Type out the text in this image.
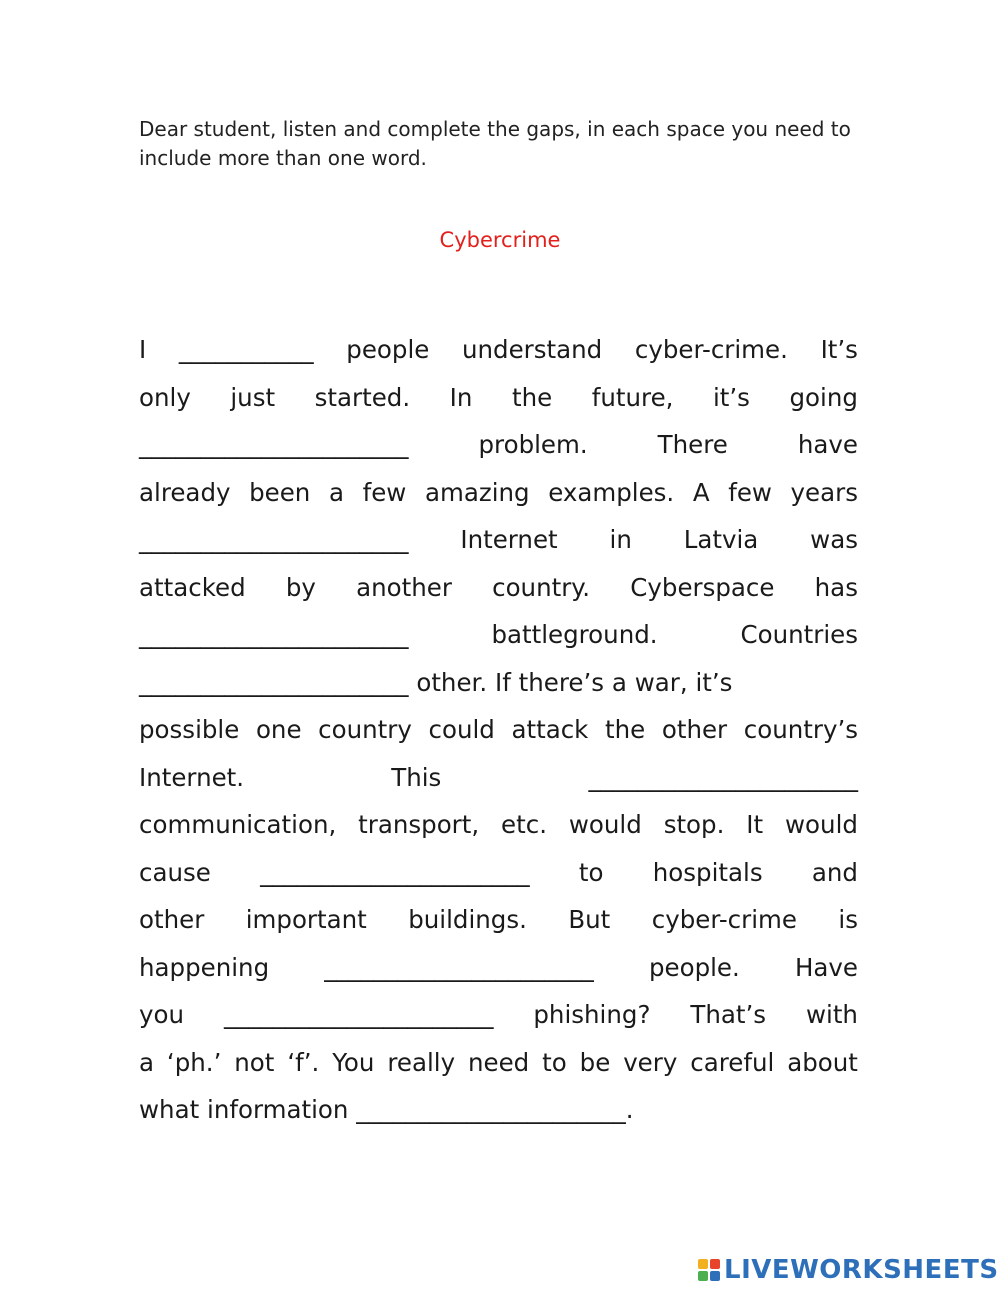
Dear student, listen and complete the gaps, in each space you need to include more than one word.
Cybercrime
I ___________ people understand cyber-crime. It’s
only just started. In the future, it’s going
______________________	problem.	There	have
already been a few amazing examples. A few years
______________________ Internet in Latvia was
attacked by another country. Cyberspace has
______________________	battleground.	Countries
______________________ other. If there’s a war, it’s
possible one country could attack the other country’s
Internet.	This	______________________
communication, transport, etc. would stop. It would
cause ______________________ to hospitals and
other important buildings. But cyber-crime is
happening ______________________ people. Have
you ______________________ phishing? That’s with
a ‘ph.’ not ‘f’. You really need to be very careful about
what information ______________________.
LIVEWORKSHEETS
